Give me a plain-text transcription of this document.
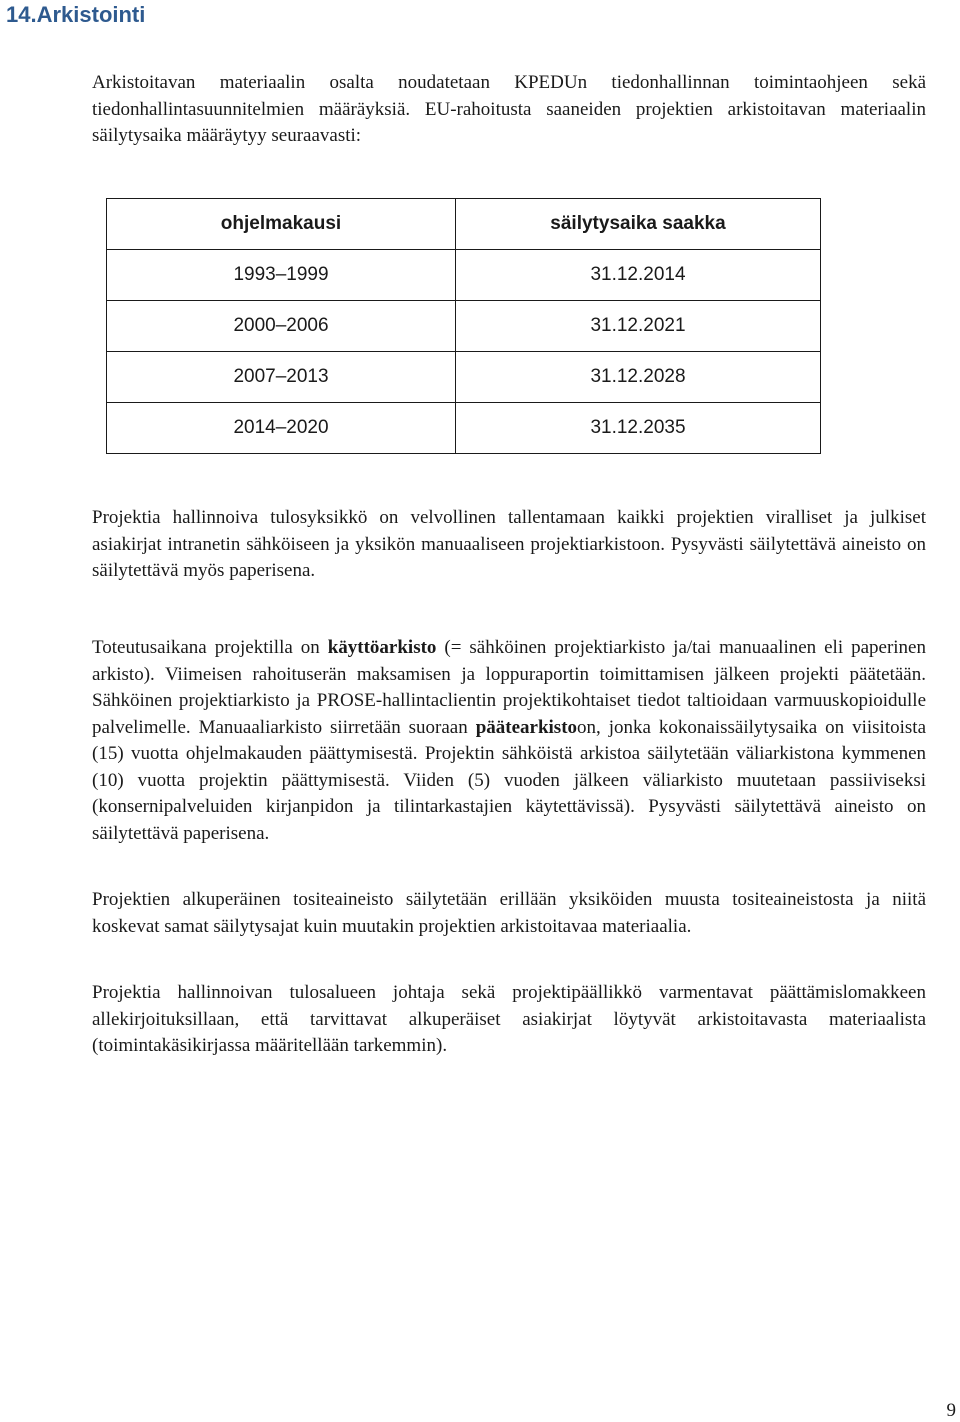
14.Arkistointi

Arkistoitavan materiaalin osalta noudatetaan KPEDUn tiedonhallinnan toimintaohjeen sekä tiedonhallintasuunnitelmien määräyksiä. EU-rahoitusta saaneiden projektien arkistoitavan materiaalin säilytysaika määräytyy seuraavasti:

ohjelmakausi	säilytysaika saakka
1993–1999	31.12.2014
2000–2006	31.12.2021
2007–2013	31.12.2028
2014–2020	31.12.2035

Projektia hallinnoiva tulosyksikkö on velvollinen tallentamaan kaikki projektien viralliset ja julkiset asiakirjat intranetin sähköiseen ja yksikön manuaaliseen projektiarkistoon. Pysyvästi säilytettävä aineisto on säilytettävä myös paperisena.

Toteutusaikana projektilla on käyttöarkisto (= sähköinen projektiarkisto ja/tai manuaalinen eli paperinen arkisto). Viimeisen rahoituserän maksamisen ja loppuraportin toimittamisen jälkeen projekti päätetään. Sähköinen projektiarkisto ja PROSE-hallintaclientin projektikohtaiset tiedot taltioidaan varmuuskopioidulle palvelimelle. Manuaaliarkisto siirretään suoraan päätearkistoon, jonka kokonaissäilytysaika on viisitoista (15) vuotta ohjelmakauden päättymisestä. Projektin sähköistä arkistoa säilytetään väliarkistona kymmenen (10) vuotta projektin päättymisestä. Viiden (5) vuoden jälkeen väliarkisto muutetaan passiiviseksi (konsernipalveluiden kirjanpidon ja tilintarkastajien käytettävissä). Pysyvästi säilytettävä aineisto on säilytettävä paperisena.

Projektien alkuperäinen tositeaineisto säilytetään erillään yksiköiden muusta tositeaineistosta ja niitä koskevat samat säilytysajat kuin muutakin projektien arkistoitavaa materiaalia.

Projektia hallinnoivan tulosalueen johtaja sekä projektipäällikkö varmentavat päättämislomakkeen allekirjoituksillaan, että tarvittavat alkuperäiset asiakirjat löytyvät arkistoitavasta materiaalista (toimintakäsikirjassa määritellään tarkemmin).

9
